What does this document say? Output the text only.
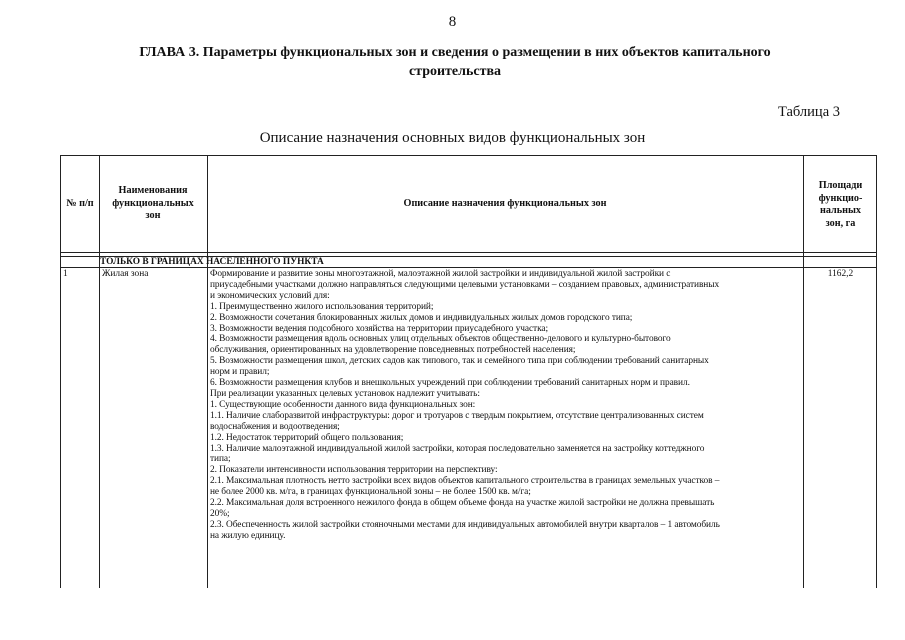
8
ГЛАВА 3. Параметры функциональных зон и сведения о размещении в них объектов капитального
строительства
Таблица 3
Описание назначения основных видов функциональных зон
№ п/п
Наименования
функциональных
зон
Описание назначения функциональных зон
Площади
функцио-
нальных
зон, га
ТОЛЬКО В ГРАНИЦАХ НАСЕЛЕННОГО ПУНКТА
1	Жилая зона	Формирование и развитие зоны многоэтажной, малоэтажной жилой застройки и индивидуальной жилой застройки с
приусадебными участками должно направляться следующими целевыми установками – созданием правовых, административных
и экономических условий для:
1. Преимущественно жилого использования территорий;
2. Возможности сочетания блокированных жилых домов и индивидуальных жилых домов городского типа;
3. Возможности ведения подсобного хозяйства на территории приусадебного участка;
4. Возможности размещения вдоль основных улиц отдельных объектов общественно-делового и культурно-бытового
обслуживания, ориентированных на удовлетворение повседневных потребностей населения;
5. Возможности размещения школ, детских садов как типового, так и семейного типа при соблюдении требований санитарных
норм и правил;
6. Возможности размещения клубов и внешкольных учреждений при соблюдении требований санитарных норм и правил.
При реализации указанных целевых установок надлежит учитывать:
1. Существующие особенности данного вида функциональных зон:
1.1. Наличие слаборазвитой инфраструктуры: дорог и тротуаров с твердым покрытием, отсутствие централизованных систем
водоснабжения и водоотведения;
1.2. Недостаток территорий общего пользования;
1.3. Наличие малоэтажной индивидуальной жилой застройки, которая последовательно заменяется на застройку коттеджного
типа;
2. Показатели интенсивности использования территории на перспективу:
2.1. Максимальная плотность нетто застройки всех видов объектов капитального строительства в границах земельных участков –
не более 2000 кв. м/га, в границах функциональной зоны – не более 1500 кв. м/га;
2.2. Максимальная доля встроенного нежилого фонда в общем объеме фонда на участке жилой застройки не должна превышать
20%;
2.3. Обеспеченность жилой застройки стояночными местами для индивидуальных автомобилей внутри кварталов – 1 автомобиль
на жилую единицу.
1162,2
